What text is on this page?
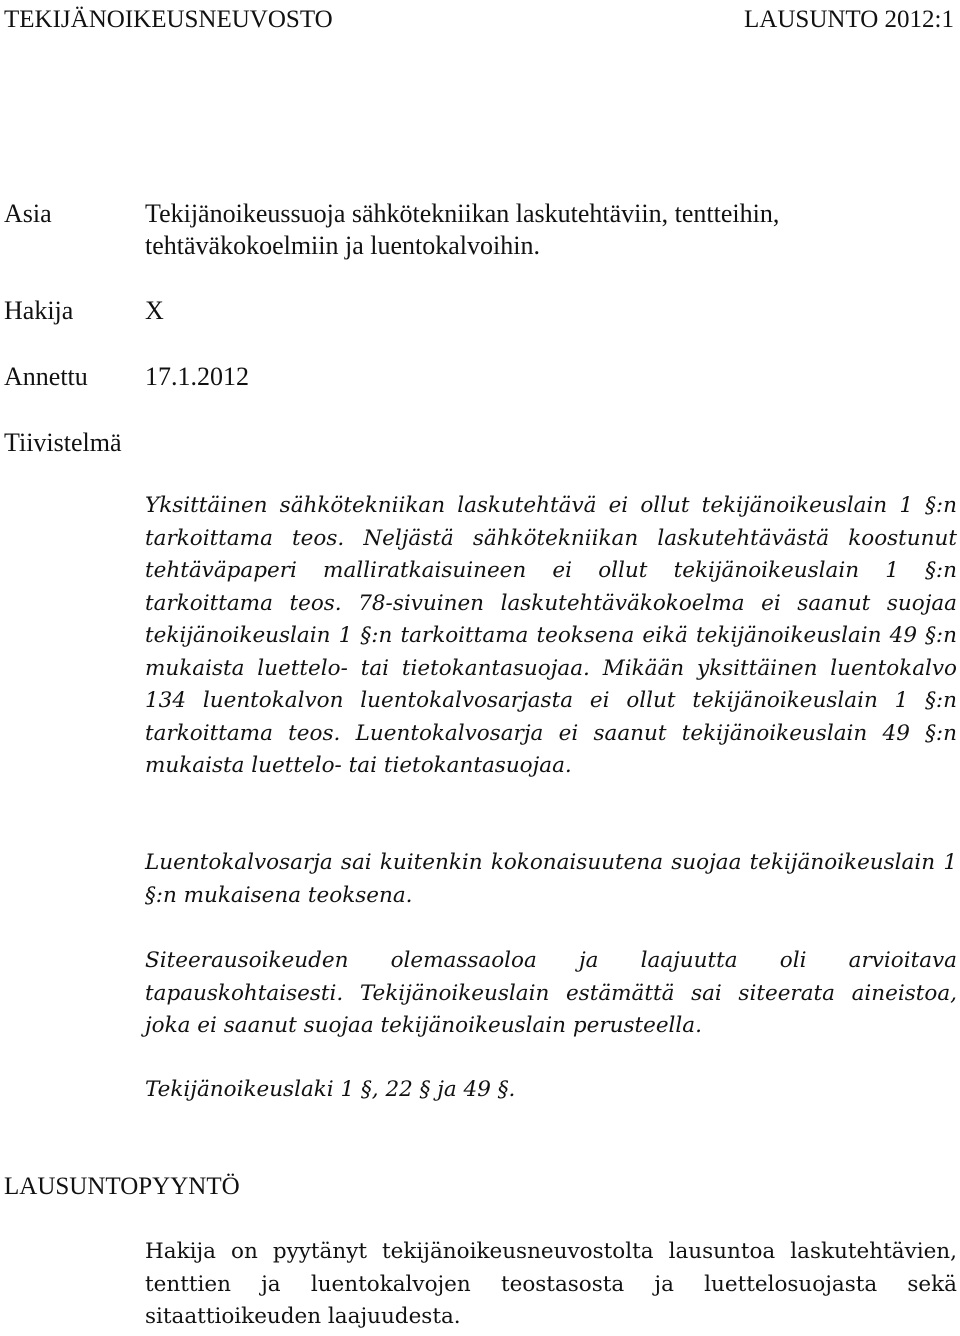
TEKIJÄNOIKEUSNEUVOSTO	LAUSUNTO 2012:1
Asia	Tekijänoikeussuoja sähkötekniikan laskutehtäviin, tentteihin, tehtäväkokoelmiin ja luentokalvoihin.
Hakija	X
Annettu 17.1.2012
Tiivistelmä

Yksittäinen sähkötekniikan laskutehtävä ei ollut tekijänoikeuslain 1 §:n tarkoittama teos. Neljästä sähkötekniikan laskutehtävästä koostunut tehtäväpaperi malliratkaisuineen ei ollut tekijänoikeuslain 1 §:n tarkoittama teos. 78-sivuinen laskutehtäväkokoelma ei saanut suojaa tekijänoikeuslain 1 §:n tarkoittama teoksena eikä tekijänoikeuslain 49 §:n mukaista luettelo- tai tietokantasuojaa. Mikään yksittäinen luentokalvo 134 luentokalvon luentokalvosarjasta ei ollut tekijänoikeuslain 1 §:n tarkoittama teos. Luentokalvosarja ei saanut tekijänoikeuslain 49 §:n mukaista luettelo- tai tietokantasuojaa.

Luentokalvosarja sai kuitenkin kokonaisuutena suojaa tekijänoikeuslain 1 §:n mukaisena teoksena.

Siteerausoikeuden olemassaoloa ja laajuutta oli arvioitava tapauskohtaisesti. Tekijänoikeuslain estämättä sai siteerata aineistoa, joka ei saanut suojaa tekijänoikeuslain perusteella.

Tekijänoikeuslaki 1 §, 22 § ja 49 §.

LAUSUNTOPYYNTÖ

Hakija on pyytänyt tekijänoikeusneuvostolta lausuntoa laskutehtävien, tenttien ja luentokalvojen teostasosta ja luettelosuojasta sekä sitaattioikeuden laajuudesta.
